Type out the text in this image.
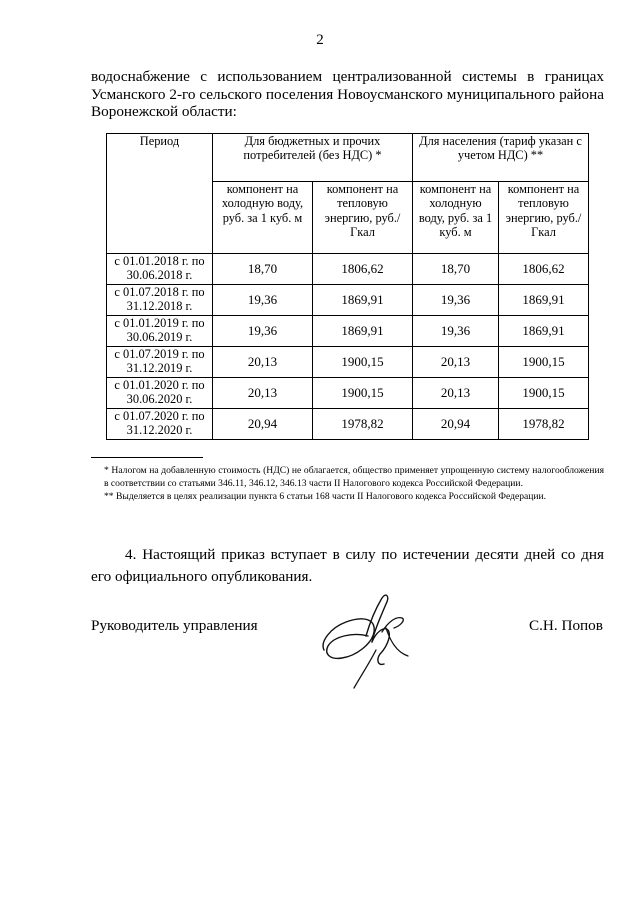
2
водоснабжение с использованием централизованной системы в границах
Усманского 2-го сельского поселения Новоусманского муниципального района
Воронежской области:
Период	Для бюджетных и прочих потребителей (без НДС) *		Для населения (тариф указан с учетом НДС) **	
	компонент на холодную воду, руб. за 1 куб. м	компонент на тепловую энергию, руб./Гкал	компонент на холодную воду, руб. за 1 куб. м	компонент на тепловую энергию, руб./Гкал
с 01.01.2018 г. по 30.06.2018 г.	18,70	1806,62	18,70	1806,62
с 01.07.2018 г. по 31.12.2018 г.	19,36	1869,91	19,36	1869,91
с 01.01.2019 г. по 30.06.2019 г.	19,36	1869,91	19,36	1869,91
с 01.07.2019 г. по 31.12.2019 г.	20,13	1900,15	20,13	1900,15
с 01.01.2020 г. по 30.06.2020 г.	20,13	1900,15	20,13	1900,15
с 01.07.2020 г. по 31.12.2020 г.	20,94	1978,82	20,94	1978,82

* Налогом на добавленную стоимость (НДС) не облагается, общество применяет упрощенную систему налогообложения в соответствии со статьями 346.11, 346.12, 346.13 части II Налогового кодекса Российской Федерации.

** Выделяется в целях реализации пункта 6 статьи 168 части II Налогового кодекса Российской Федерации.

4. Настоящий приказ вступает в силу по истечении десяти дней со дня его официального опубликования.

Руководитель управления	С.Н. Попов
